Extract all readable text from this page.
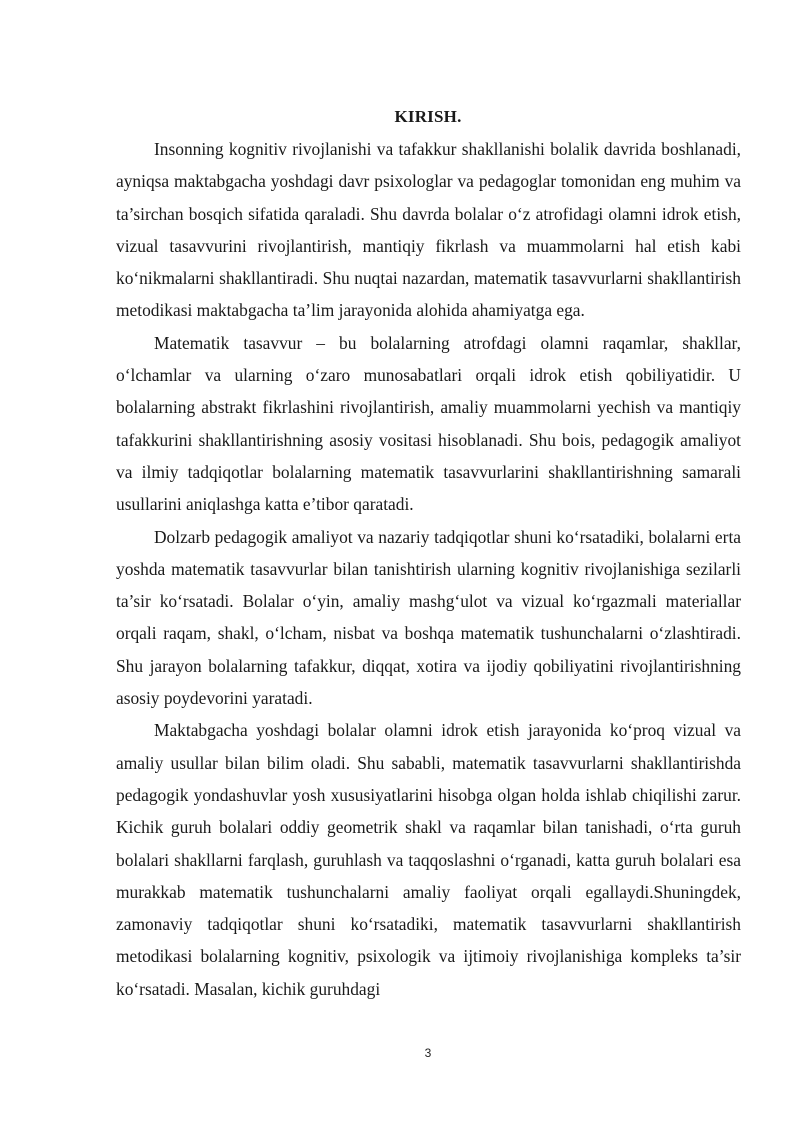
KIRISH.

Insonning kognitiv rivojlanishi va tafakkur shakllanishi bolalik davrida boshlanadi, ayniqsa maktabgacha yoshdagi davr psixologlar va pedagoglar tomonidan eng muhim va ta’sirchan bosqich sifatida qaraladi. Shu davrda bolalar o‘z atrofidagi olamni idrok etish, vizual tasavvurini rivojlantirish, mantiqiy fikrlash va muammolarni hal etish kabi ko‘nikmalarni shakllantiradi. Shu nuqtai nazardan, matematik tasavvurlarni shakllantirish metodikasi maktabgacha ta’lim jarayonida alohida ahamiyatga ega.

Matematik tasavvur – bu bolalarning atrofdagi olamni raqamlar, shakllar, o‘lchamlar va ularning o‘zaro munosabatlari orqali idrok etish qobiliyatidir. U bolalarning abstrakt fikrlashini rivojlantirish, amaliy muammolarni yechish va mantiqiy tafakkurini shakllantirishning asosiy vositasi hisoblanadi. Shu bois, pedagogik amaliyot va ilmiy tadqiqotlar bolalarning matematik tasavvurlarini shakllantirishning samarali usullarini aniqlashga katta e’tibor qaratadi.

Dolzarb pedagogik amaliyot va nazariy tadqiqotlar shuni ko‘rsatadiki, bolalarni erta yoshda matematik tasavvurlar bilan tanishtirish ularning kognitiv rivojlanishiga sezilarli ta’sir ko‘rsatadi. Bolalar o‘yin, amaliy mashg‘ulot va vizual ko‘rgazmali materiallar orqali raqam, shakl, o‘lcham, nisbat va boshqa matematik tushunchalarni o‘zlashtiradi. Shu jarayon bolalarning tafakkur, diqqat, xotira va ijodiy qobiliyatini rivojlantirishning asosiy poydevorini yaratadi.

Maktabgacha yoshdagi bolalar olamni idrok etish jarayonida ko‘proq vizual va amaliy usullar bilan bilim oladi. Shu sababli, matematik tasavvurlarni shakllantirishda pedagogik yondashuvlar yosh xususiyatlarini hisobga olgan holda ishlab chiqilishi zarur. Kichik guruh bolalari oddiy geometrik shakl va raqamlar bilan tanishadi, o‘rta guruh bolalari shakllarni farqlash, guruhlash va taqqoslashni o‘rganadi, katta guruh bolalari esa murakkab matematik tushunchalarni amaliy faoliyat orqali egallaydi.Shuningdek, zamonaviy tadqiqotlar shuni ko‘rsatadiki, matematik tasavvurlarni shakllantirish metodikasi bolalarning kognitiv, psixologik va ijtimoiy rivojlanishiga kompleks ta’sir ko‘rsatadi. Masalan, kichik guruhdagi

3
